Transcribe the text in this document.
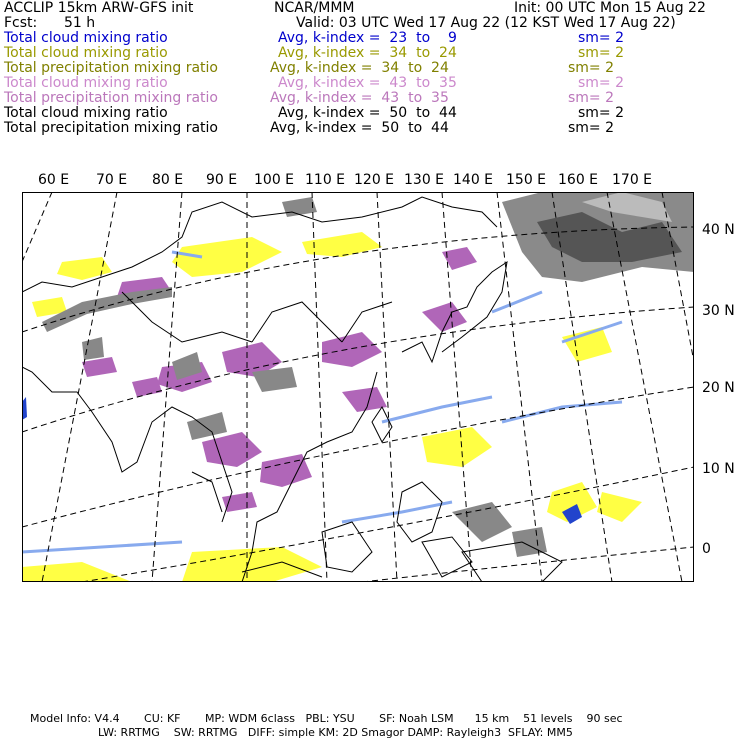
ACCLIP 15km ARW-GFS init	NCAR/MMM	Init: 00 UTC Mon 15 Aug 22
Fcst: 51 h	Valid: 03 UTC Wed 17 Aug 22 (12 KST Wed 17 Aug 22)
Total cloud mixing ratio	Avg, k-index =  23  to    9	sm= 2
Total cloud mixing ratio	Avg, k-index =  34  to  24	sm= 2
Total precipitation mixing ratio	Avg, k-index =  34  to  24	sm= 2
Total cloud mixing ratio	Avg, k-index =  43  to  35	sm= 2
Total precipitation mixing ratio	Avg, k-index =  43  to  35	sm= 2
Total cloud mixing ratio	Avg, k-index =  50  to  44	sm= 2
Total precipitation mixing ratio	Avg, k-index =  50  to  44	sm= 2
60 E 70 E 80 E 90 E 100 E 110 E 120 E 130 E 140 E 150 E 160 E 170 E
40 N
30 N
20 N
10 N
0
Model Info: V4.4       CU: KF       MP: WDM 6class   PBL: YSU       SF: Noah LSM      15 km    51 levels    90 sec
LW: RRTMG    SW: RRTMG   DIFF: simple KM: 2D Smagor DAMP: Rayleigh3  SFLAY: MM5
